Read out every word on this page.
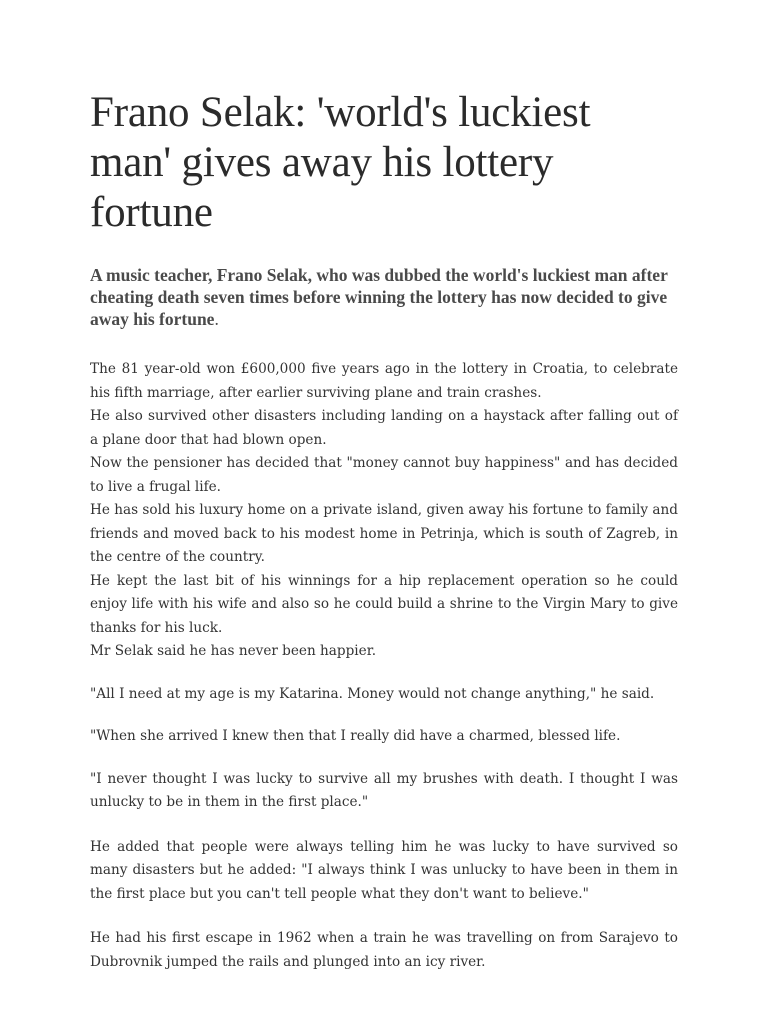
Frano Selak: 'world's luckiest man' gives away his lottery fortune

A music teacher, Frano Selak, who was dubbed the world's luckiest man after cheating death seven times before winning the lottery has now decided to give away his fortune.

The 81 year-old won £600,000 five years ago in the lottery in Croatia, to celebrate his fifth marriage, after earlier surviving plane and train crashes.

He also survived other disasters including landing on a haystack after falling out of a plane door that had blown open.

Now the pensioner has decided that "money cannot buy happiness" and has decided to live a frugal life.

He has sold his luxury home on a private island, given away his fortune to family and friends and moved back to his modest home in Petrinja, which is south of Zagreb, in the centre of the country.

He kept the last bit of his winnings for a hip replacement operation so he could enjoy life with his wife and also so he could build a shrine to the Virgin Mary to give thanks for his luck.

Mr Selak said he has never been happier.

"All I need at my age is my Katarina. Money would not change anything," he said.

"When she arrived I knew then that I really did have a charmed, blessed life.

"I never thought I was lucky to survive all my brushes with death. I thought I was unlucky to be in them in the first place."

He added that people were always telling him he was lucky to have survived so many disasters but he added: "I always think I was unlucky to have been in them in the first place but you can't tell people what they don't want to believe."

He had his first escape in 1962 when a train he was travelling on from Sarajevo to Dubrovnik jumped the rails and plunged into an icy river.
